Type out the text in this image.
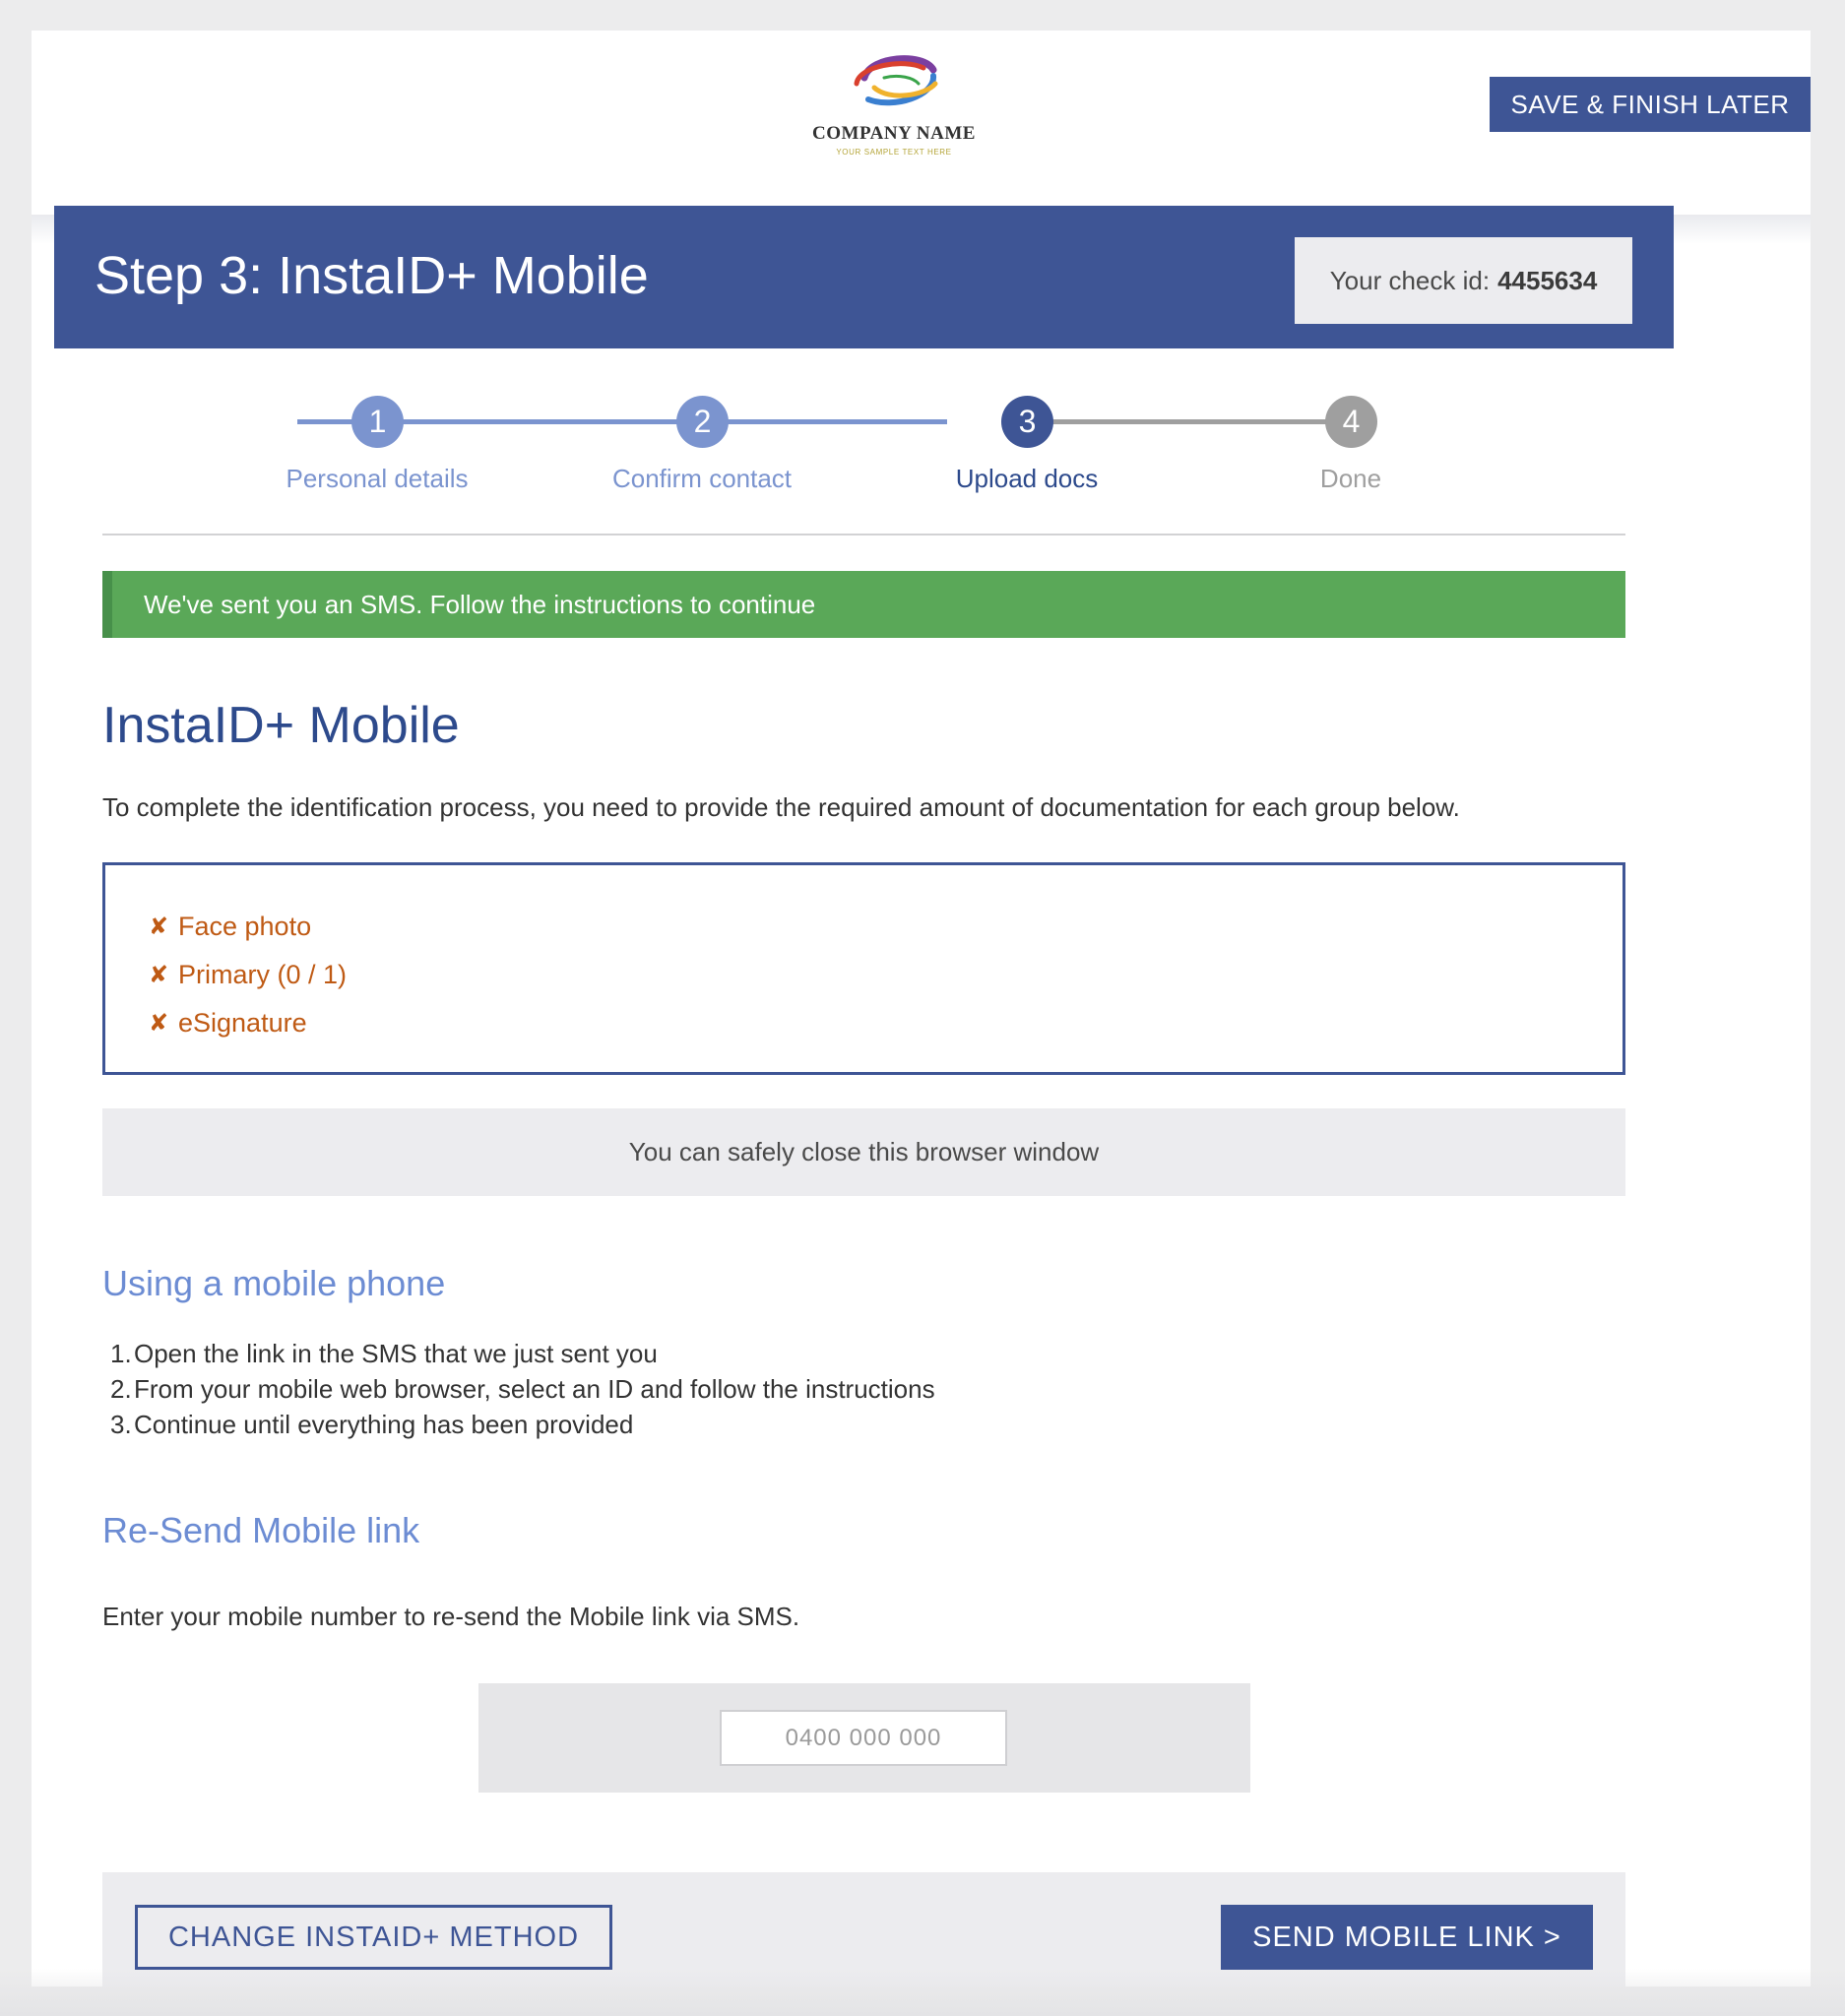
COMPANY NAME
YOUR SAMPLE TEXT HERE
SAVE & FINISH LATER
Step 3: InstaID+ Mobile	Your check id: 4455634
1
Personal details
2
Confirm contact
3
Upload docs
4
Done
We've sent you an SMS. Follow the instructions to continue
InstaID+ Mobile

To complete the identification process, you need to provide the required amount of documentation for each group below.

✘ Face photo
✘ Primary (0 / 1)
✘ eSignature
You can safely close this browser window
Using a mobile phone
1.Open the link in the SMS that we just sent you
2.From your mobile web browser, select an ID and follow the instructions
3.Continue until everything has been provided
Re-Send Mobile link

Enter your mobile number to re-send the Mobile link via SMS.

0400 000 000
CHANGE INSTAID+ METHOD	SEND MOBILE LINK >
